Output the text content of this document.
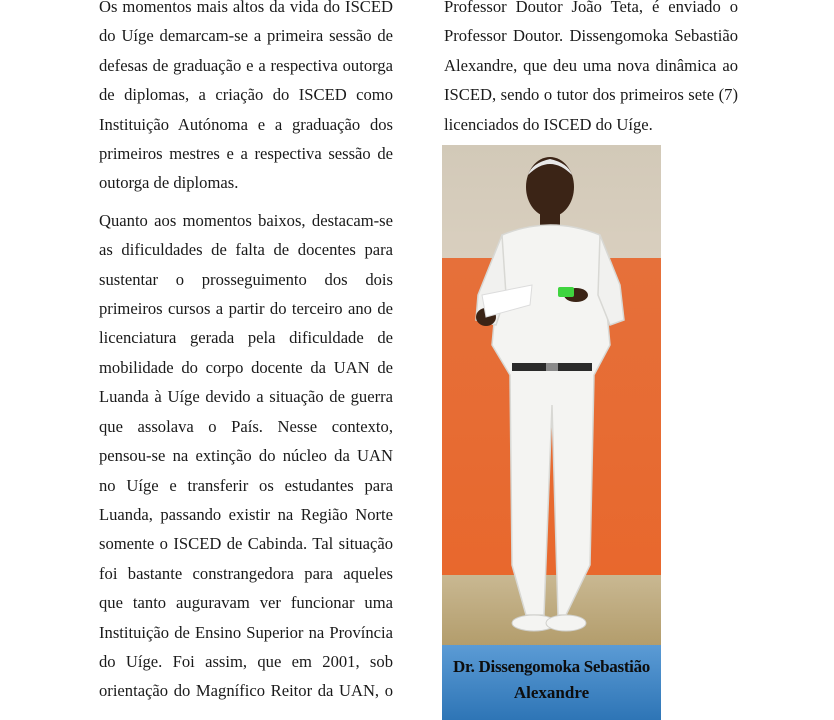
Os momentos mais altos da vida do ISCED
do Uíge demarcam-se a primeira sessão de
defesas de graduação e a respectiva outorga
de diplomas, a criação do ISCED como
Instituição Autónoma e a graduação dos
primeiros mestres e a respectiva sessão de
outorga de diplomas.

Quanto aos momentos baixos, destacam-se
as dificuldades de falta de docentes para
sustentar o prosseguimento dos dois
primeiros cursos a partir do terceiro ano de
licenciatura gerada pela dificuldade de
mobilidade do corpo docente da UAN de
Luanda à Uíge devido a situação de guerra
que assolava o País. Nesse contexto,
pensou-se na extinção do núcleo da UAN
no Uíge e transferir os estudantes para
Luanda, passando existir na Região Norte
somente o ISCED de Cabinda. Tal situação
foi bastante constrangedora para aqueles
que tanto auguravam ver funcionar uma
Instituição de Ensino Superior na Província
do Uíge. Foi assim, que em 2001, sob
orientação do Magnífico Reitor da UAN, o

Professor Doutor João Teta, é enviado o
Professor Doutor. Dissengomoka Sebastião
Alexandre, que deu uma nova dinâmica ao
ISCED, sendo o tutor dos primeiros sete (7)
licenciados do ISCED do Uíge.

Dr. Dissengomoka Sebastião
Alexandre
